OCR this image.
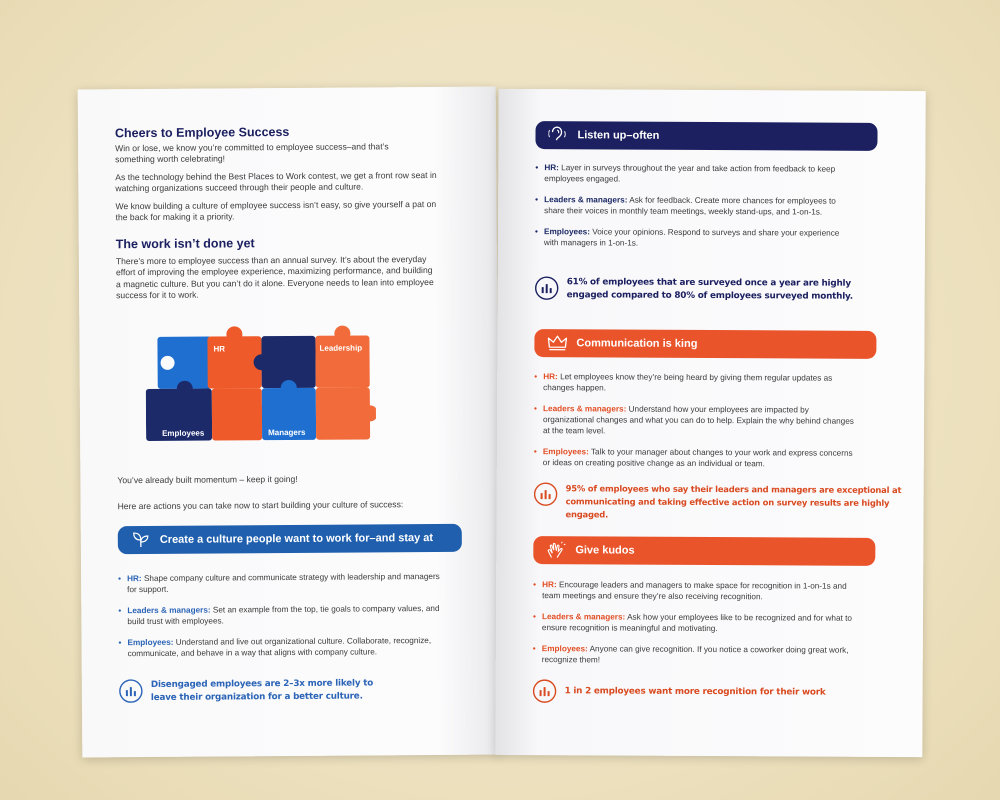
Cheers to Employee Success
Win or lose, we know you’re committed to employee success–and that’s something worth celebrating!
As the technology behind the Best Places to Work contest, we get a front row seat in watching organizations succeed through their people and culture.
We know building a culture of employee success isn’t easy, so give yourself a pat on the back for making it a priority.
The work isn’t done yet
There’s more to employee success than an annual survey. It’s about the everyday effort of improving the employee experience, maximizing performance, and building a magnetic culture. But you can’t do it alone. Everyone needs to lean into employee success for it to work.
HR	Leadership
Employees	Managers
You’ve already built momentum – keep it going!
Here are actions you can take now to start building your culture of success:
Create a culture people want to work for–and stay at
• HR: Shape company culture and communicate strategy with leadership and managers for support.
• Leaders & managers: Set an example from the top, tie goals to company values, and build trust with employees.
• Employees: Understand and live out organizational culture. Collaborate, recognize, communicate, and behave in a way that aligns with company culture.
Disengaged employees are 2–3x more likely to
leave their organization for a better culture.
Listen up–often
• HR: Layer in surveys throughout the year and take action from feedback to keep employees engaged.
• Leaders & managers: Ask for feedback. Create more chances for employees to share their voices in monthly team meetings, weekly stand-ups, and 1-on-1s.
• Employees: Voice your opinions. Respond to surveys and share your experience with managers in 1-on-1s.
61% of employees that are surveyed once a year are highly
engaged compared to 80% of employees surveyed monthly.
Communication is king
• HR: Let employees know they’re being heard by giving them regular updates as changes happen.
• Leaders & managers: Understand how your employees are impacted by organizational changes and what you can do to help. Explain the why behind changes at the team level.
• Employees: Talk to your manager about changes to your work and express concerns or ideas on creating positive change as an individual or team.
95% of employees who say their leaders and managers are exceptional at
communicating and taking effective action on survey results are highly engaged.
Give kudos
• HR: Encourage leaders and managers to make space for recognition in 1-on-1s and team meetings and ensure they’re also receiving recognition.
• Leaders & managers: Ask how your employees like to be recognized and for what to ensure recognition is meaningful and motivating.
• Employees: Anyone can give recognition. If you notice a coworker doing great work, recognize them!
1 in 2 employees want more recognition for their work
